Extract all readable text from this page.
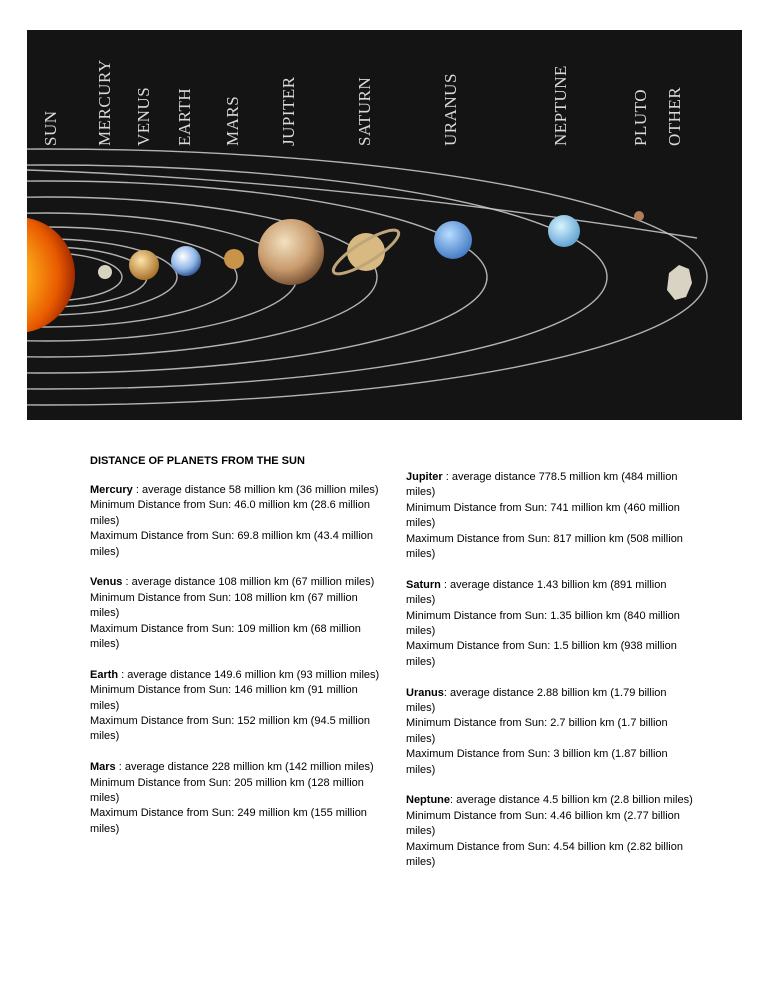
SUN MERCURY VENUS EARTH MARS JUPITER	SATURN	URANUS	NEPTUNE	PLUTO OTHER
DISTANCE OF PLANETS FROM THE SUN
Mercury : average distance 58 million km (36 million miles)
Minimum Distance from Sun: 46.0 million km (28.6 million miles)
Maximum Distance from Sun: 69.8 million km (43.4 million miles)
Venus : average distance 108 million km (67 million miles)
Minimum Distance from Sun: 108 million km (67 million miles)
Maximum Distance from Sun: 109 million km (68 million miles)
Earth : average distance 149.6 million km (93 million miles)
Minimum Distance from Sun: 146 million km (91 million miles)
Maximum Distance from Sun: 152 million km (94.5 million miles)
Mars : average distance 228 million km (142 million miles)
Minimum Distance from Sun: 205 million km (128 million miles)
Maximum Distance from Sun: 249 million km (155 million miles)
Jupiter : average distance 778.5 million km (484 million miles)
Minimum Distance from Sun: 741 million km (460 million miles)
Maximum Distance from Sun: 817 million km (508 million miles)
Saturn : average distance 1.43 billion km (891 million miles)
Minimum Distance from Sun: 1.35 billion km (840 million miles)
Maximum Distance from Sun: 1.5 billion km (938 million miles)
Uranus: average distance 2.88 billion km (1.79 billion miles)
Minimum Distance from Sun: 2.7 billion km (1.7 billion miles)
Maximum Distance from Sun: 3 billion km (1.87 billion miles)
Neptune: average distance 4.5 billion km (2.8 billion miles)
Minimum Distance from Sun: 4.46 billion km (2.77 billion miles)
Maximum Distance from Sun: 4.54 billion km (2.82 billion miles)
